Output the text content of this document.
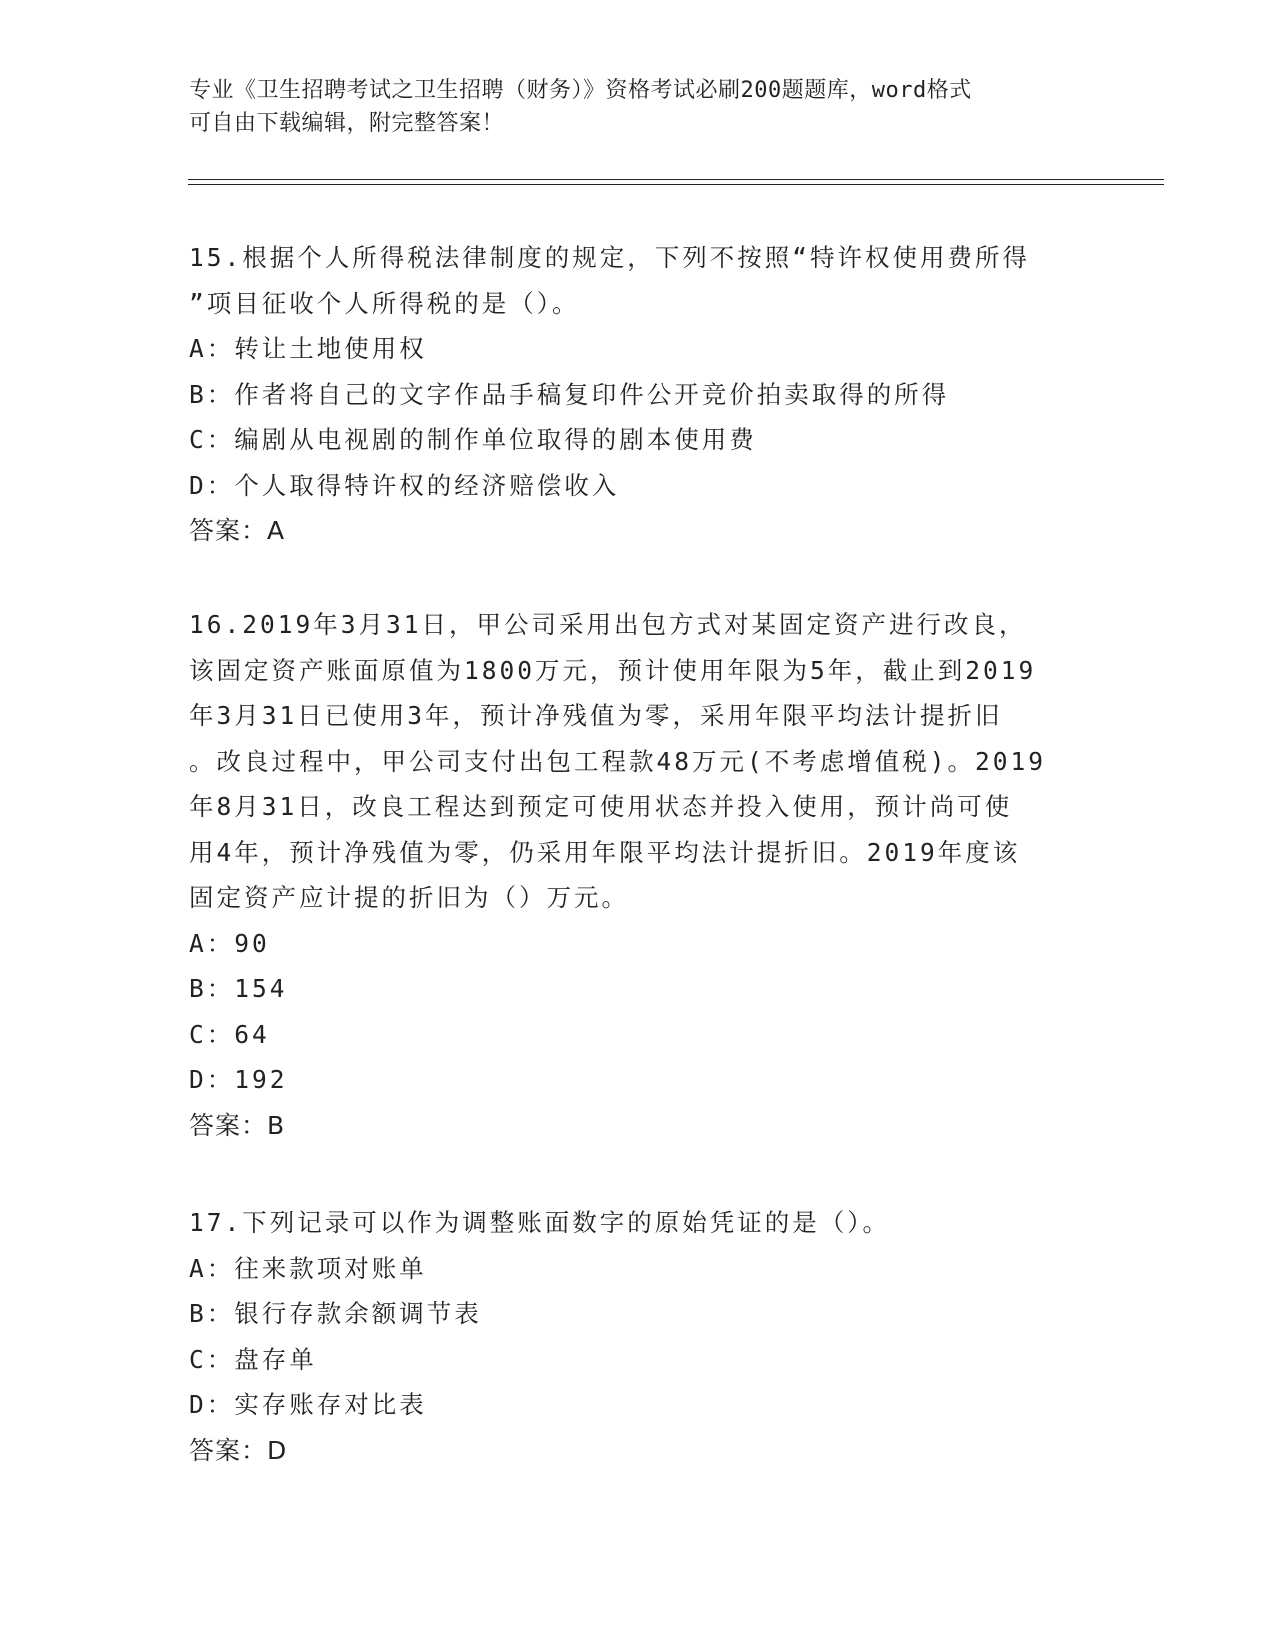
专业《卫生招聘考试之卫生招聘（财务）》资格考试必刷200题题库，word格式
可自由下载编辑，附完整答案！

15.根据个人所得税法律制度的规定，下列不按照“特许权使用费所得

”项目征收个人所得税的是（）。

A：转让土地使用权

B：作者将自己的文字作品手稿复印件公开竞价拍卖取得的所得

C：编剧从电视剧的制作单位取得的剧本使用费

D：个人取得特许权的经济赔偿收入

答案：A

16.2019年3月31日，甲公司采用出包方式对某固定资产进行改良，

该固定资产账面原值为1800万元，预计使用年限为5年，截止到2019

年3月31日已使用3年，预计净残值为零，采用年限平均法计提折旧

。改良过程中，甲公司支付出包工程款48万元(不考虑增值税)。2019

年8月31日，改良工程达到预定可使用状态并投入使用，预计尚可使

用4年，预计净残值为零，仍采用年限平均法计提折旧。2019年度该

固定资产应计提的折旧为（）万元。

A：90

B：154

C：64

D：192

答案：B

17.下列记录可以作为调整账面数字的原始凭证的是（）。

A：往来款项对账单

B：银行存款余额调节表

C：盘存单

D：实存账存对比表

答案：D
